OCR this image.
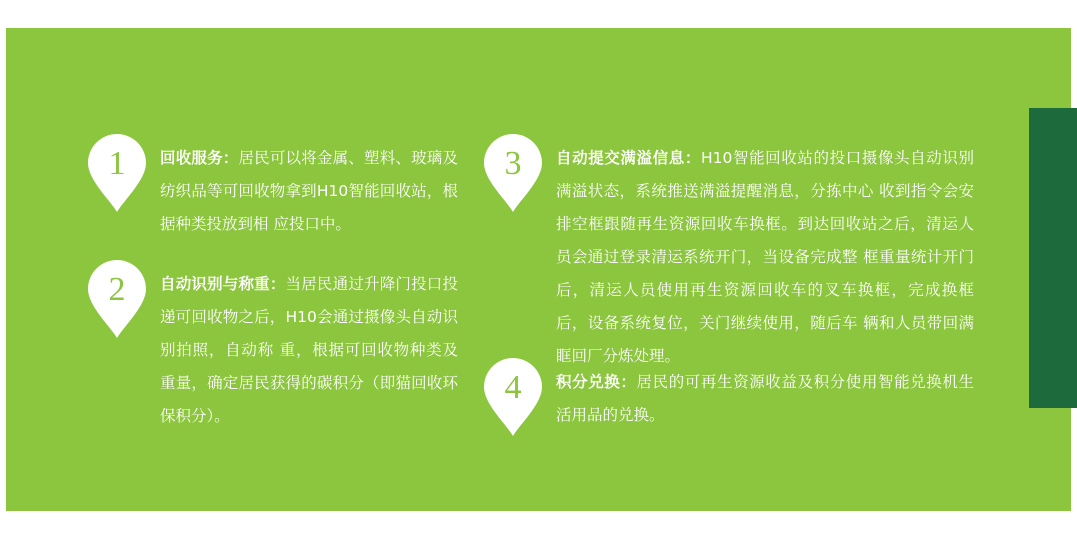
1	回收服务：居民可以将金属、塑料、玻璃及纺织品等可回收物拿到H10智能回收站，根据种类投放到相 应投口中。
2	自动识别与称重：当居民通过升降门投口投递可回收物之后，H10会通过摄像头自动识别拍照，自动称 重，根据可回收物种类及重量，确定居民获得的碳积分（即猫回收环保积分）。
3	自动提交满溢信息：H10智能回收站的投口摄像头自动识别满溢状态，系统推送满溢提醒消息，分拣中心 收到指令会安排空框跟随再生资源回收车换框。到达回收站之后，清运人员会通过登录清运系统开门，当设备完成整 框重量统计开门后，清运人员使用再生资源回收车的叉车换框，完成换框后，设备系统复位，关门继续使用，随后车 辆和人员带回满眶回厂分炼处理。
4	积分兑换：居民的可再生资源收益及积分使用智能兑换机生活用品的兑换。
